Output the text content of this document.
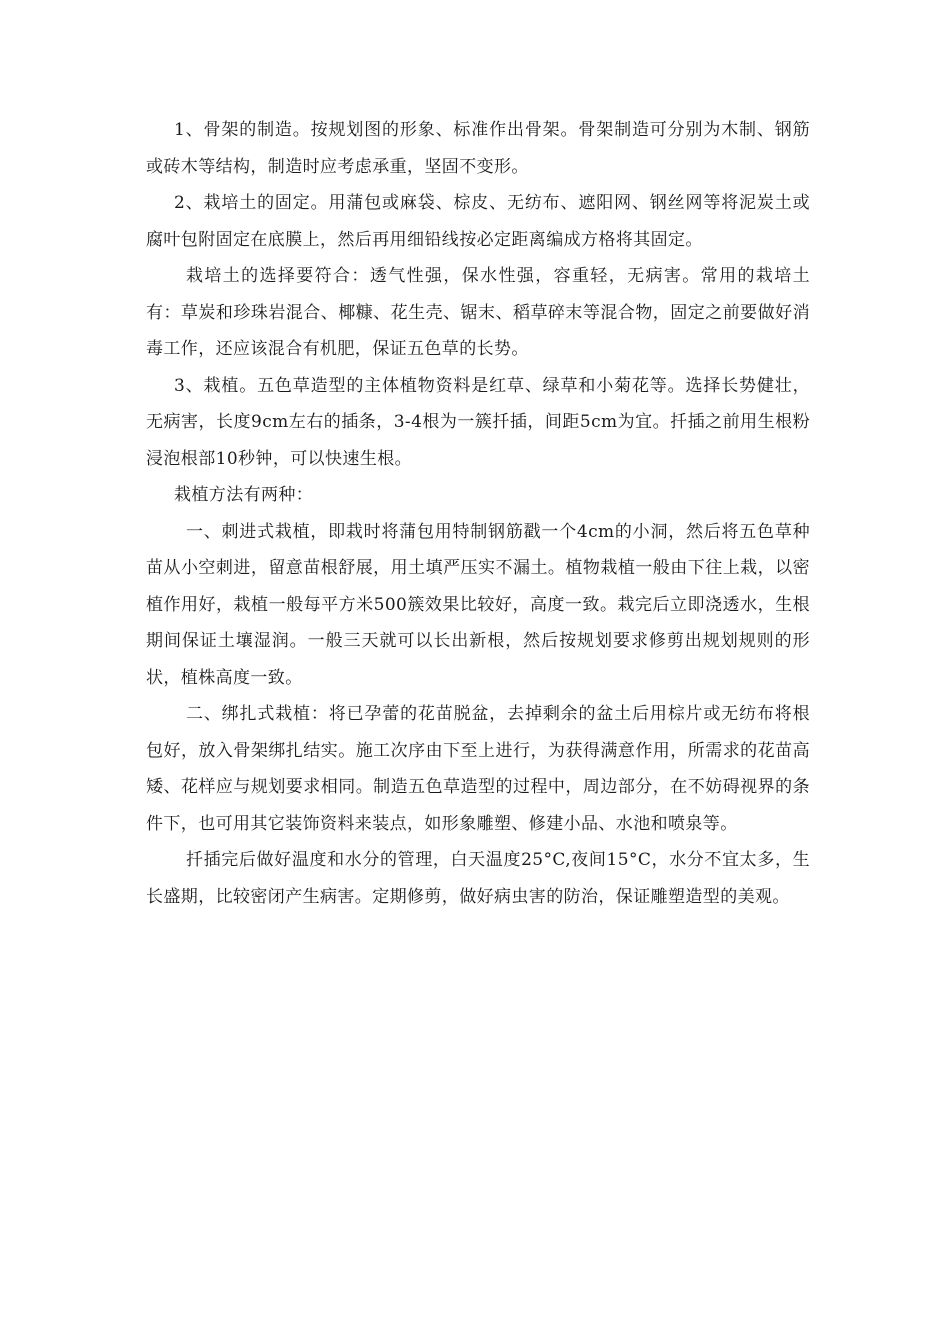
1、骨架的制造。按规划图的形象、标准作出骨架。骨架制造可分别为木制、钢筋或砖木等结构，制造时应考虑承重，坚固不变形。

2、栽培土的固定。用蒲包或麻袋、棕皮、无纺布、遮阳网、钢丝网等将泥炭土或腐叶包附固定在底膜上，然后再用细铅线按必定距离编成方格将其固定。

栽培土的选择要符合：透气性强，保水性强，容重轻，无病害。常用的栽培土有：草炭和珍珠岩混合、椰糠、花生壳、锯末、稻草碎末等混合物，固定之前要做好消毒工作，还应该混合有机肥，保证五色草的长势。

3、栽植。五色草造型的主体植物资料是红草、绿草和小菊花等。选择长势健壮，无病害，长度9cm左右的插条，3-4根为一簇扦插，间距5cm为宜。扦插之前用生根粉浸泡根部10秒钟，可以快速生根。

栽植方法有两种：

一、刺进式栽植，即栽时将蒲包用特制钢筋戳一个4cm的小洞，然后将五色草种苗从小空刺进，留意苗根舒展，用土填严压实不漏土。植物栽植一般由下往上栽，以密植作用好，栽植一般每平方米500簇效果比较好，高度一致。栽完后立即浇透水，生根期间保证土壤湿润。一般三天就可以长出新根，然后按规划要求修剪出规划规则的形状，植株高度一致。

二、绑扎式栽植：将已孕蕾的花苗脱盆，去掉剩余的盆土后用棕片或无纺布将根包好，放入骨架绑扎结实。施工次序由下至上进行，为获得满意作用，所需求的花苗高矮、花样应与规划要求相同。制造五色草造型的过程中，周边部分，在不妨碍视界的条件下，也可用其它装饰资料来装点，如形象雕塑、修建小品、水池和喷泉等。

扦插完后做好温度和水分的管理，白天温度25°C,夜间15°C，水分不宜太多，生长盛期，比较密闭产生病害。定期修剪，做好病虫害的防治，保证雕塑造型的美观。
